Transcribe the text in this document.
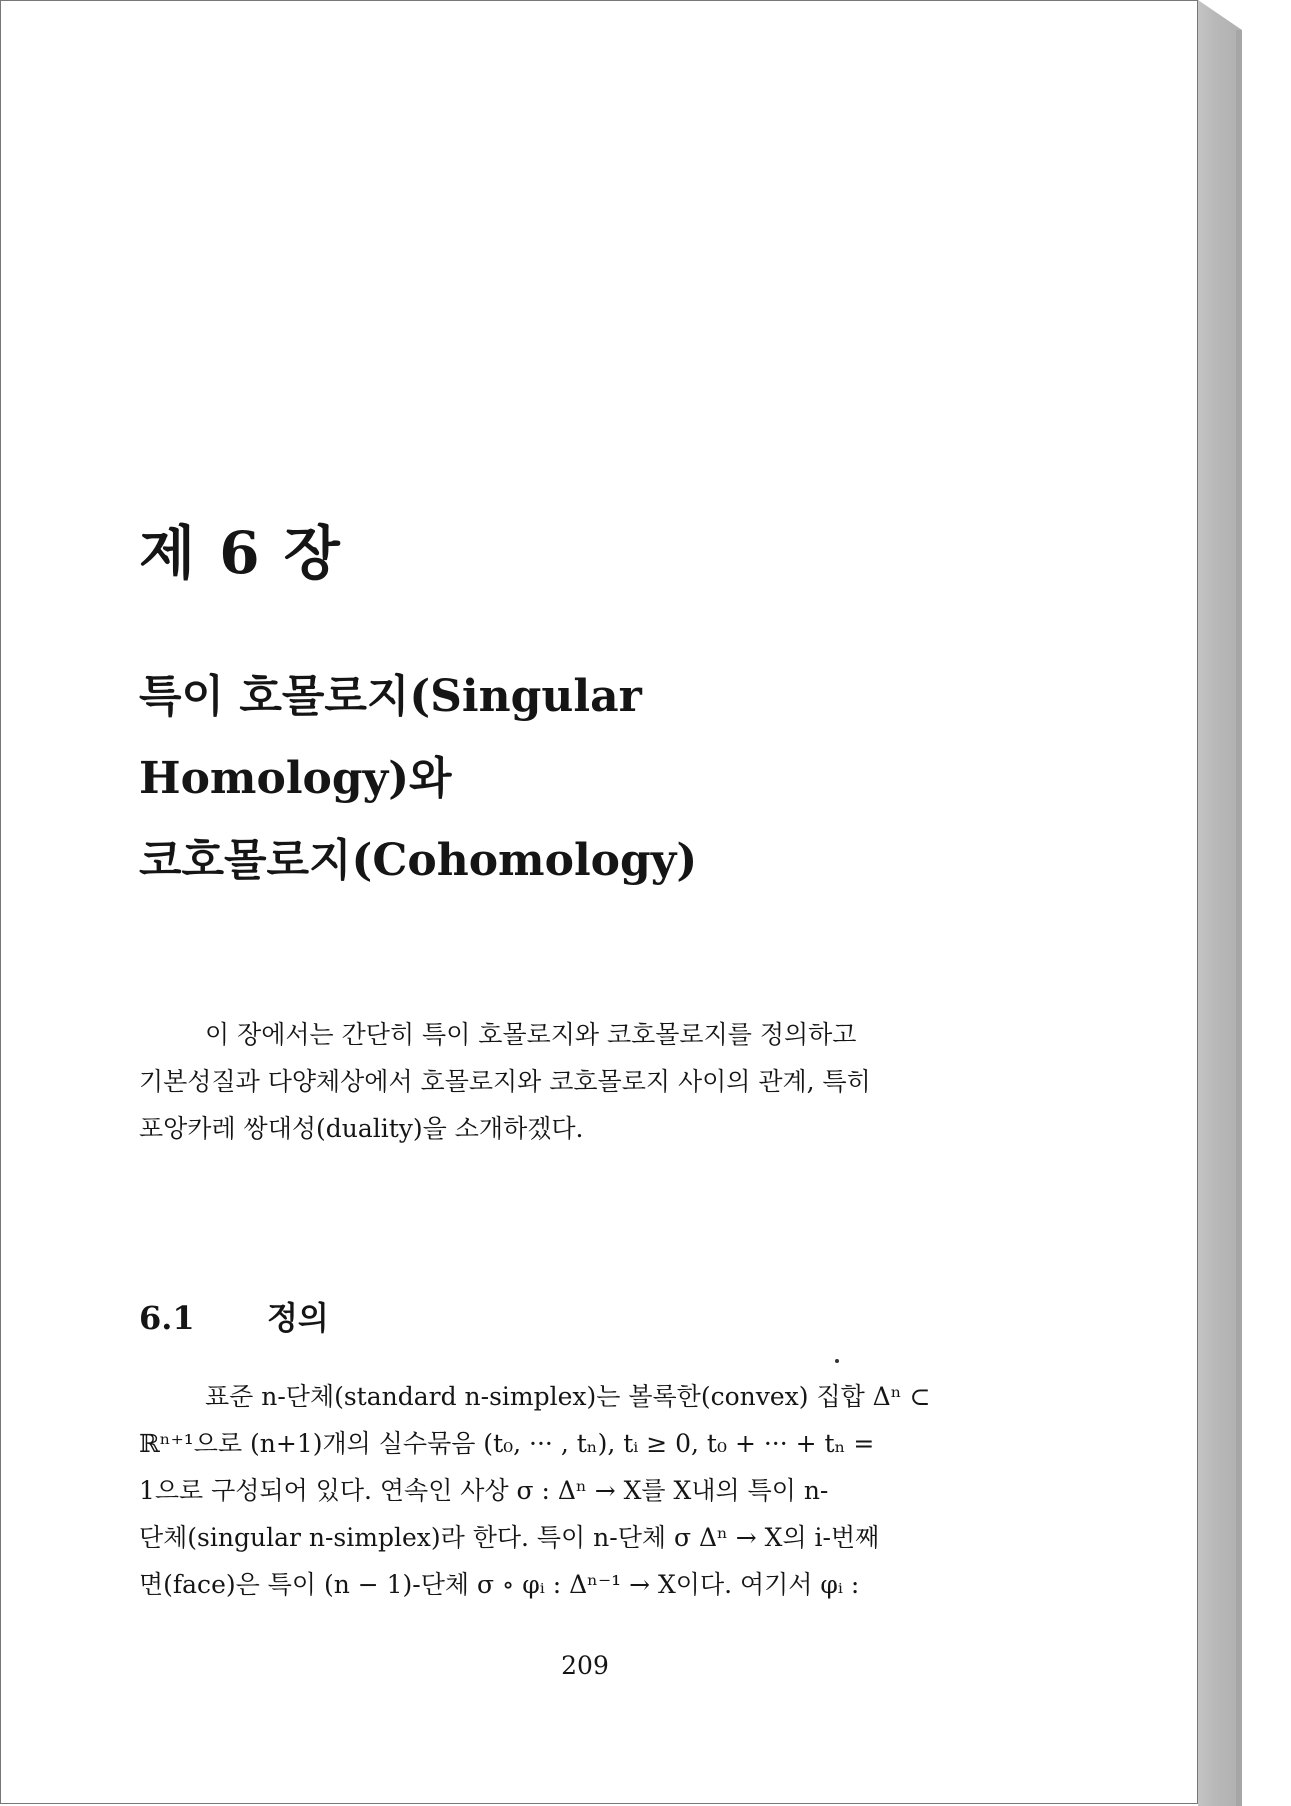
제 6 장
특이 호몰로지(Singular
Homology)와
코호몰로지(Cohomology)

이 장에서는 간단히 특이 호몰로지와 코호몰로지를 정의하고
기본성질과 다양체상에서 호몰로지와 코호몰로지 사이의 관계, 특히
포앙카레 쌍대성(duality)을 소개하겠다.

6.1 정의

표준 n-단체(standard n-simplex)는 볼록한(convex) 집합 Δⁿ ⊂
ℝⁿ⁺¹으로 (n+1)개의 실수묶음 (t₀, ··· , tₙ), tᵢ ≥ 0, t₀ + ··· + tₙ =
1으로 구성되어 있다. 연속인 사상 σ : Δⁿ → X를 X내의 특이 n-
단체(singular n-simplex)라 한다. 특이 n-단체 σ Δⁿ → X의 i-번째
면(face)은 특이 (n − 1)-단체 σ ∘ φᵢ : Δⁿ⁻¹ → X이다. 여기서 φᵢ :

209
